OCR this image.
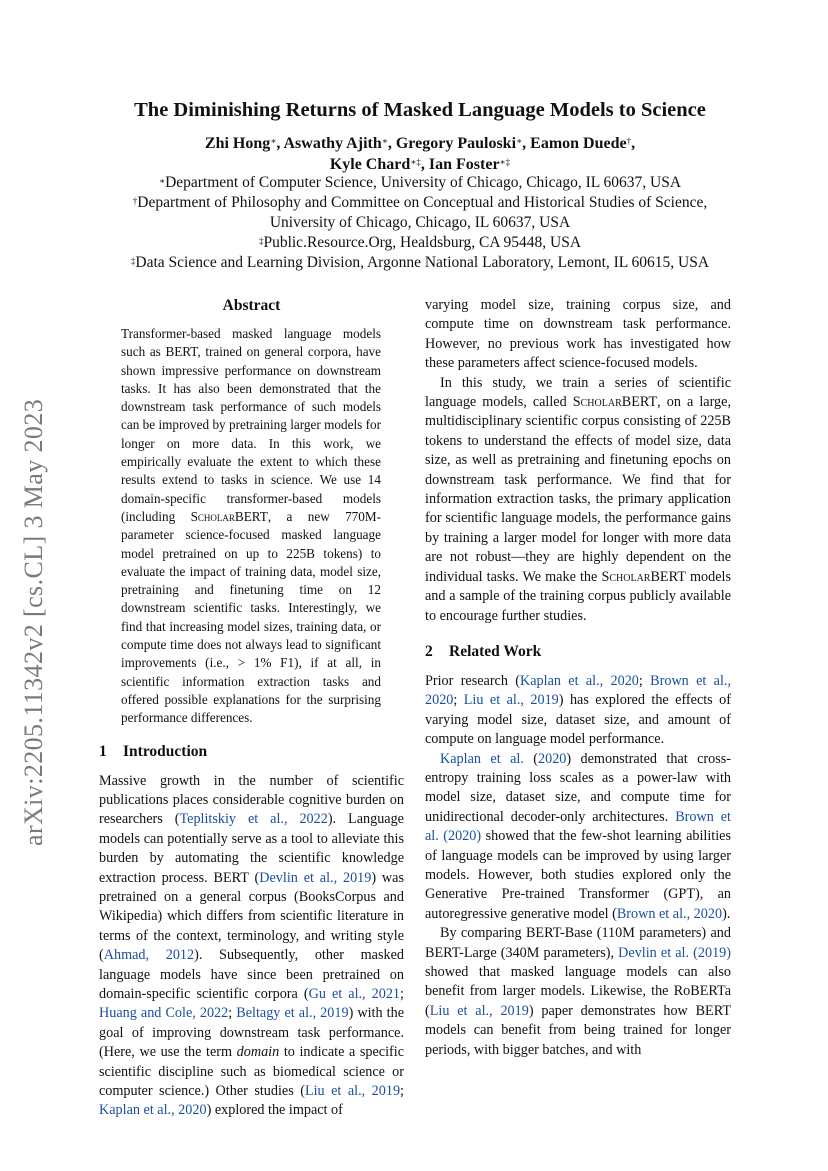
arXiv:2205.11342v2 [cs.CL] 3 May 2023
The Diminishing Returns of Masked Language Models to Science
Zhi Hong∗, Aswathy Ajith∗, Gregory Pauloski∗, Eamon Duede†,
Kyle Chard∗‡, Ian Foster∗‡
∗Department of Computer Science, University of Chicago, Chicago, IL 60637, USA
†Department of Philosophy and Committee on Conceptual and Historical Studies of Science,
University of Chicago, Chicago, IL 60637, USA
‡Public.Resource.Org, Healdsburg, CA 95448, USA
‡Data Science and Learning Division, Argonne National Laboratory, Lemont, IL 60615, USA
Abstract

Transformer-based masked language models such as BERT, trained on general corpora, have shown impressive performance on downstream tasks. It has also been demonstrated that the downstream task performance of such models can be improved by pretraining larger models for longer on more data. In this work, we empirically evaluate the extent to which these results extend to tasks in science. We use 14 domain-specific transformer-based models (including ScholarBERT, a new 770M-parameter science-focused masked language model pretrained on up to 225B tokens) to evaluate the impact of training data, model size, pretraining and finetuning time on 12 downstream scientific tasks. Interestingly, we find that increasing model sizes, training data, or compute time does not always lead to significant improvements (i.e., > 1% F1), if at all, in scientific information extraction tasks and offered possible explanations for the surprising performance differences.

1 Introduction

Massive growth in the number of scientific publications places considerable cognitive burden on researchers (Teplitskiy et al., 2022). Language models can potentially serve as a tool to alleviate this burden by automating the scientific knowledge extraction process. BERT (Devlin et al., 2019) was pretrained on a general corpus (BooksCorpus and Wikipedia) which differs from scientific literature in terms of the context, terminology, and writing style (Ahmad, 2012). Subsequently, other masked language models have since been pretrained on domain-specific scientific corpora (Gu et al., 2021; Huang and Cole, 2022; Beltagy et al., 2019) with the goal of improving downstream task performance. (Here, we use the term domain to indicate a specific scientific discipline such as biomedical science or computer science.) Other studies (Liu et al., 2019; Kaplan et al., 2020) explored the impact of

varying model size, training corpus size, and compute time on downstream task performance. However, no previous work has investigated how these parameters affect science-focused models.

In this study, we train a series of scientific language models, called ScholarBERT, on a large, multidisciplinary scientific corpus consisting of 225B tokens to understand the effects of model size, data size, as well as pretraining and finetuning epochs on downstream task performance. We find that for information extraction tasks, the primary application for scientific language models, the performance gains by training a larger model for longer with more data are not robust—they are highly dependent on the individual tasks. We make the ScholarBERT models and a sample of the training corpus publicly available to encourage further studies.

2 Related Work

Prior research (Kaplan et al., 2020; Brown et al., 2020; Liu et al., 2019) has explored the effects of varying model size, dataset size, and amount of compute on language model performance.

Kaplan et al. (2020) demonstrated that cross-entropy training loss scales as a power-law with model size, dataset size, and compute time for unidirectional decoder-only architectures. Brown et al. (2020) showed that the few-shot learning abilities of language models can be improved by using larger models. However, both studies explored only the Generative Pre-trained Transformer (GPT), an autoregressive generative model (Brown et al., 2020).

By comparing BERT-Base (110M parameters) and BERT-Large (340M parameters), Devlin et al. (2019) showed that masked language models can also benefit from larger models. Likewise, the RoBERTa (Liu et al., 2019) paper demonstrates how BERT models can benefit from being trained for longer periods, with bigger batches, and with
